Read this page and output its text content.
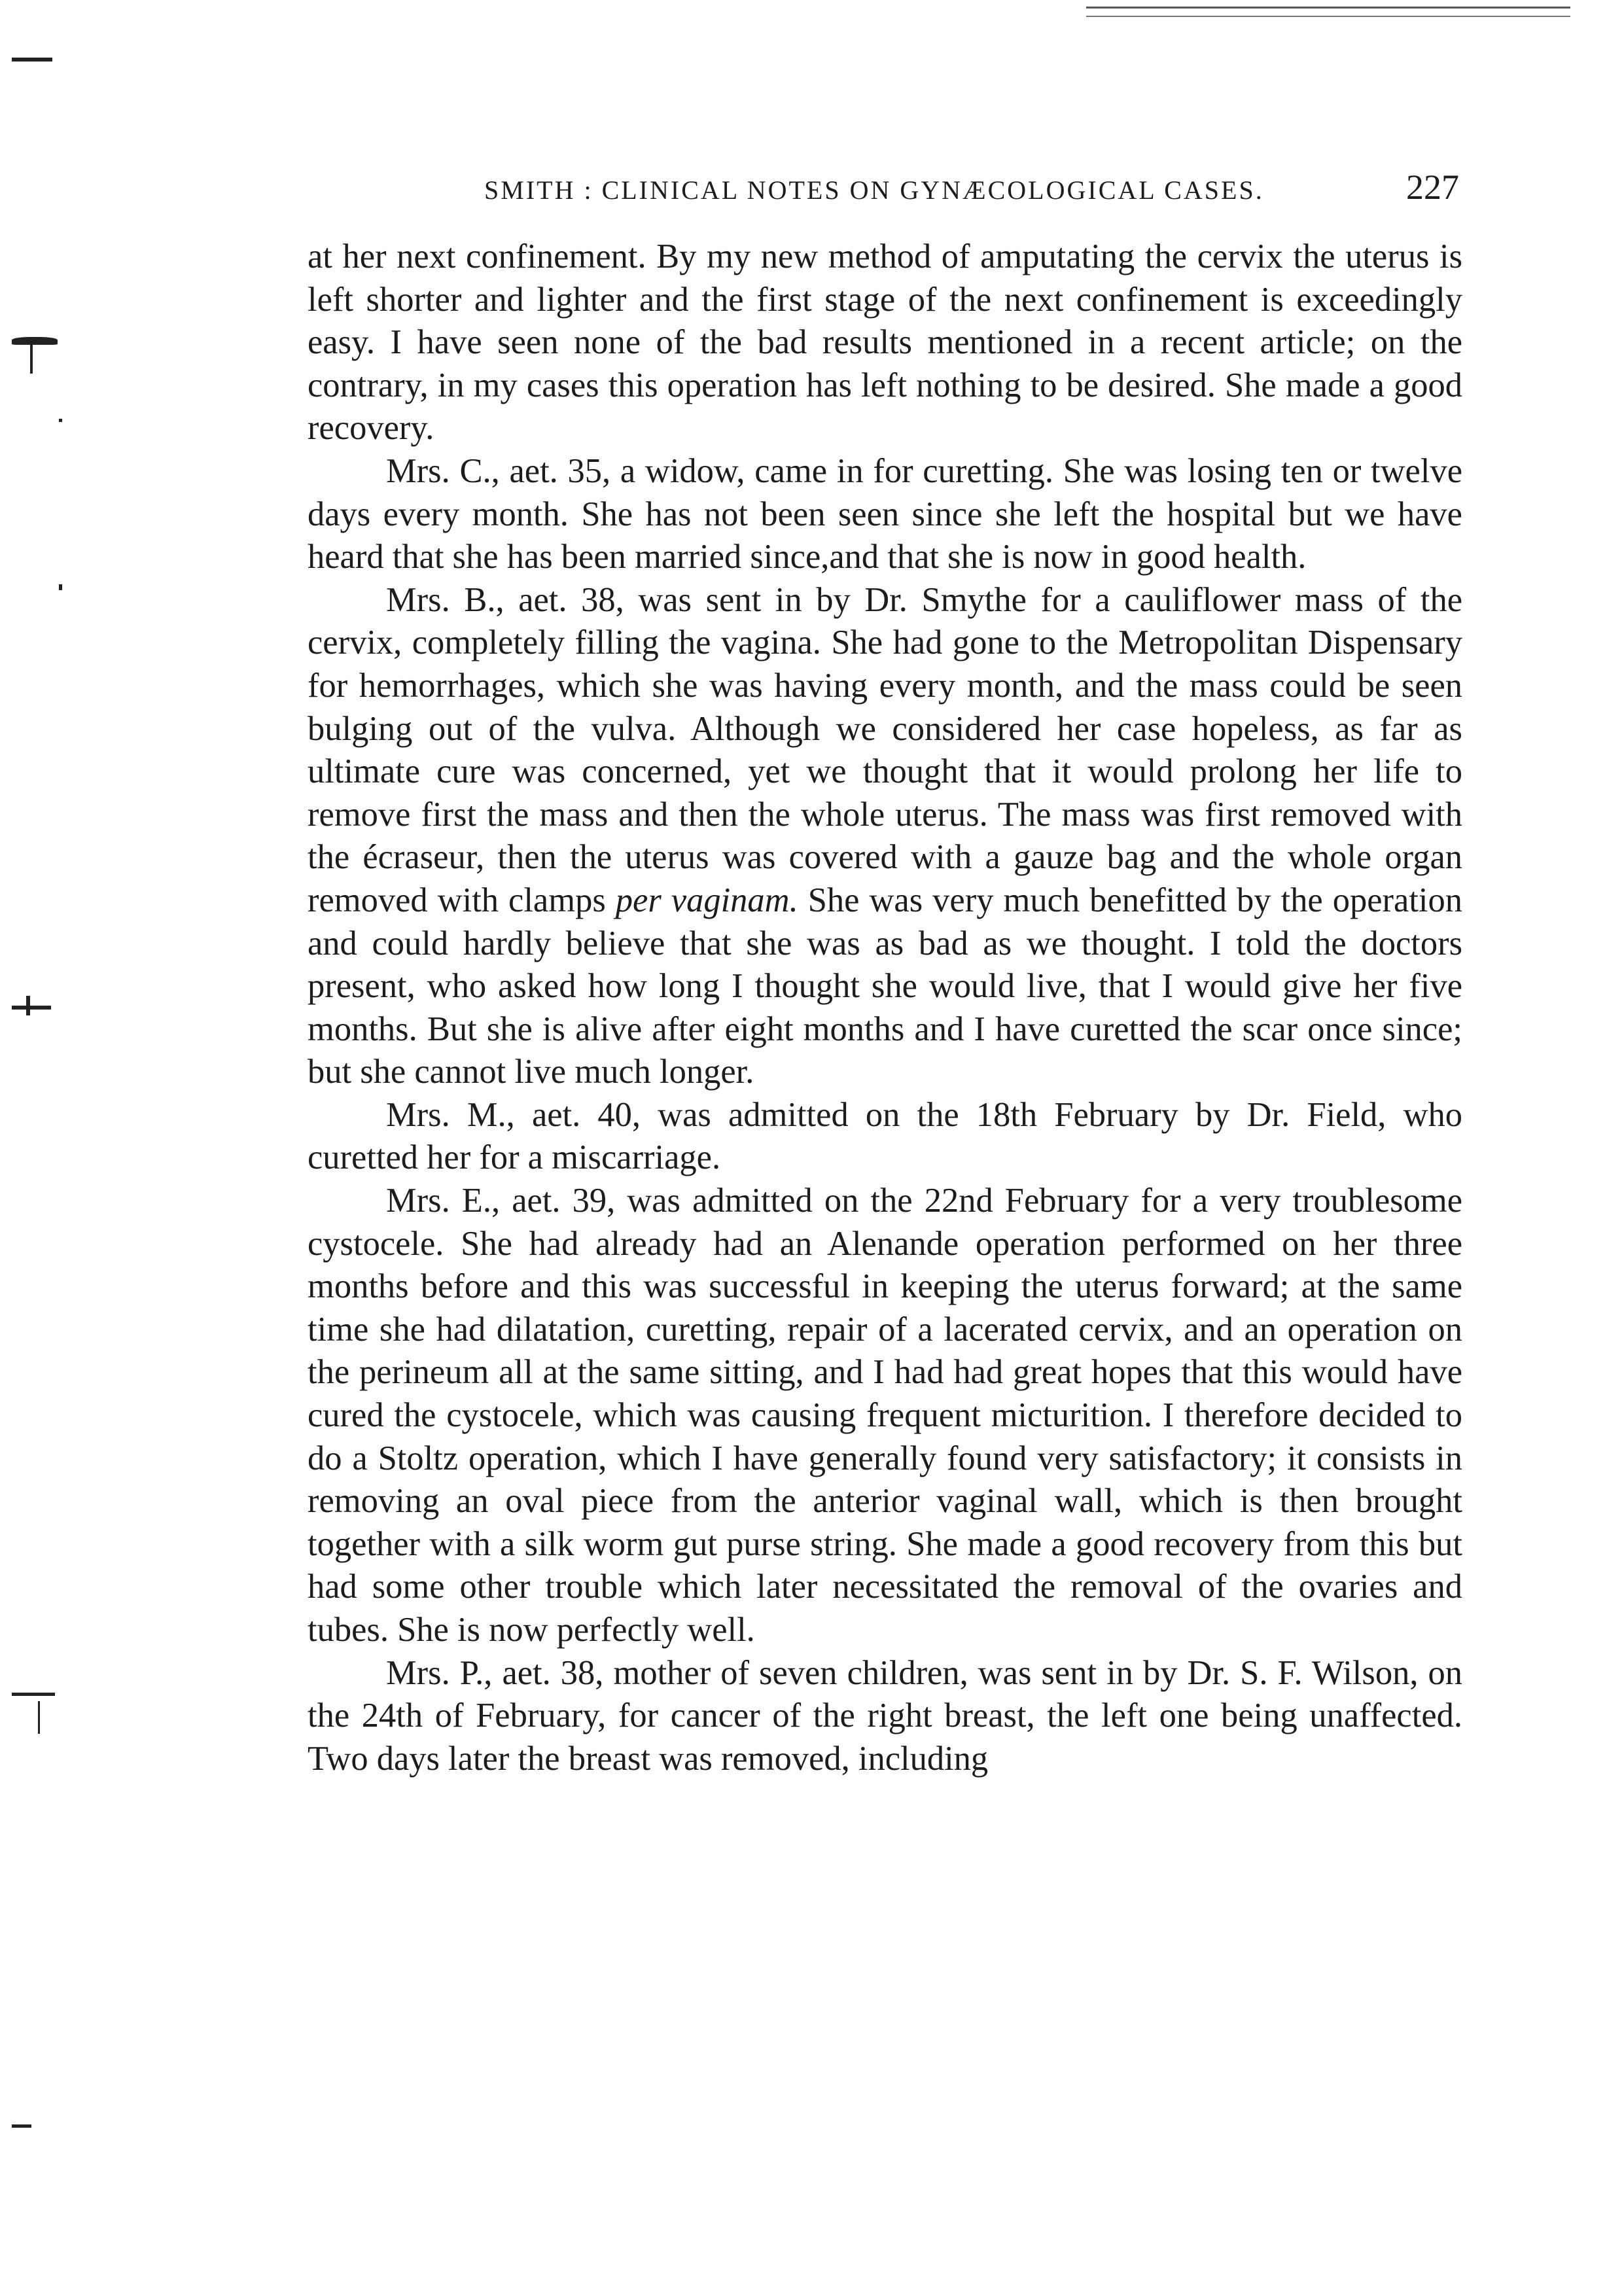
SMITH : CLINICAL NOTES ON GYNÆCOLOGICAL CASES.	227

at her next confinement. By my new method of amputating the cervix the uterus is left shorter and lighter and the first stage of the next confinement is exceedingly easy. I have seen none of the bad results mentioned in a recent article; on the contrary, in my cases this operation has left nothing to be desired. She made a good recovery.

Mrs. C., aet. 35, a widow, came in for curetting. She was losing ten or twelve days every month. She has not been seen since she left the hospital but we have heard that she has been married since,and that she is now in good health.

Mrs. B., aet. 38, was sent in by Dr. Smythe for a cauliflower mass of the cervix, completely filling the vagina. She had gone to the Metropolitan Dispensary for hemorrhages, which she was having every month, and the mass could be seen bulging out of the vulva. Although we considered her case hopeless, as far as ultimate cure was concerned, yet we thought that it would prolong her life to remove first the mass and then the whole uterus. The mass was first removed with the écraseur, then the uterus was covered with a gauze bag and the whole organ removed with clamps per vaginam. She was very much benefitted by the operation and could hardly believe that she was as bad as we thought. I told the doctors present, who asked how long I thought she would live, that I would give her five months. But she is alive after eight months and I have curetted the scar once since; but she cannot live much longer.

Mrs. M., aet. 40, was admitted on the 18th February by Dr. Field, who curetted her for a miscarriage.

Mrs. E., aet. 39, was admitted on the 22nd February for a very troublesome cystocele. She had already had an Alenande operation performed on her three months before and this was successful in keeping the uterus forward; at the same time she had dilatation, curetting, repair of a lacerated cervix, and an operation on the perineum all at the same sitting, and I had had great hopes that this would have cured the cystocele, which was causing frequent micturition. I therefore decided to do a Stoltz operation, which I have generally found very satisfactory; it consists in removing an oval piece from the anterior vaginal wall, which is then brought together with a silk worm gut purse string. She made a good recovery from this but had some other trouble which later necessitated the removal of the ovaries and tubes. She is now perfectly well.

Mrs. P., aet. 38, mother of seven children, was sent in by Dr. S. F. Wilson, on the 24th of February, for cancer of the right breast, the left one being unaffected. Two days later the breast was removed, including
